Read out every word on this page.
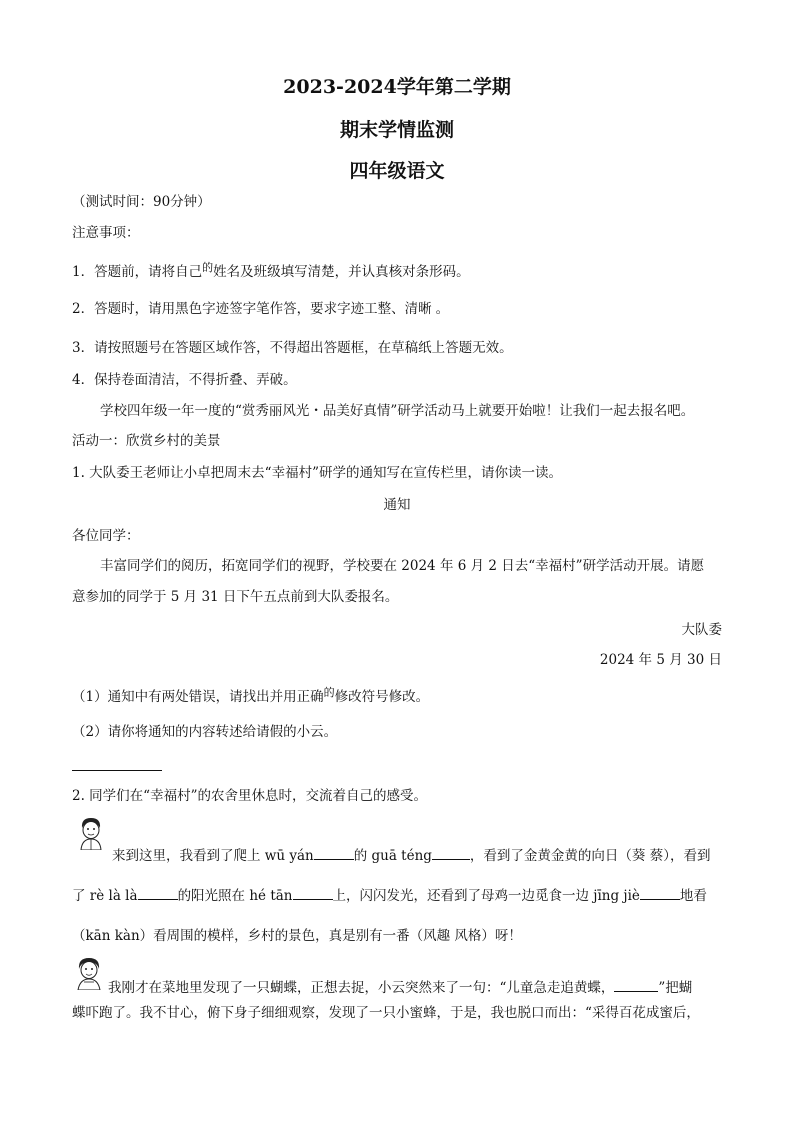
2023-2024学年第二学期
期末学情监测
四年级语文
（测试时间：90分钟）
注意事项：
1．答题前，请将自己$^的$姓名及班级填写清楚，并认真核对条形码。
2．答题时，请用黑色字迹签字笔作答，要求字迹工整、清晰 。
3．请按照题号在答题区域作答，不得超出答题框，在草稿纸上答题无效。
4．保持卷面清洁，不得折叠、弄破。
学校四年级一年一度的“赏秀丽风光・品美好真情”研学活动马上就要开始啦！让我们一起去报名吧。
活动一：欣赏乡村的美景
1. 大队委王老师让小卓把周末去“幸福村”研学的通知写在宣传栏里，请你读一读。
通知
各位同学：
丰富同学们的阅历，拓宽同学们的视野，学校要在 2024 年 6 月 2 日去“幸福村”研学活动开展。请愿
意参加的同学于 5 月 31 日下午五点前到大队委报名。
大队委
2024 年 5 月 30 日
（1）通知中有两处错误，请找出并用正确$^的$修改符号修改。
（2）请你将通知的内容转述给请假的小云。
2. 同学们在“幸福村”的农舍里休息时，交流着自己的感受。
来到这里，我看到了爬上 wū yán	的 guā téng	，看到了金黄金黄的向日（葵 蔡），看到
了 rè là là	的阳光照在 hé tān	上，闪闪发光，还看到了母鸡一边觅食一边 jīng jiè	地看
（kān kàn）看周围的模样，乡村的景色，真是别有一番（风趣 风格）呀！
我刚才在菜地里发现了一只蝴蝶，正想去捉，小云突然来了一句：“儿童急走追黄蝶，	”把蝴
蝶吓跑了。我不甘心，俯下身子细细观察，发现了一只小蜜蜂，于是，我也脱口而出：“采得百花成蜜后，
